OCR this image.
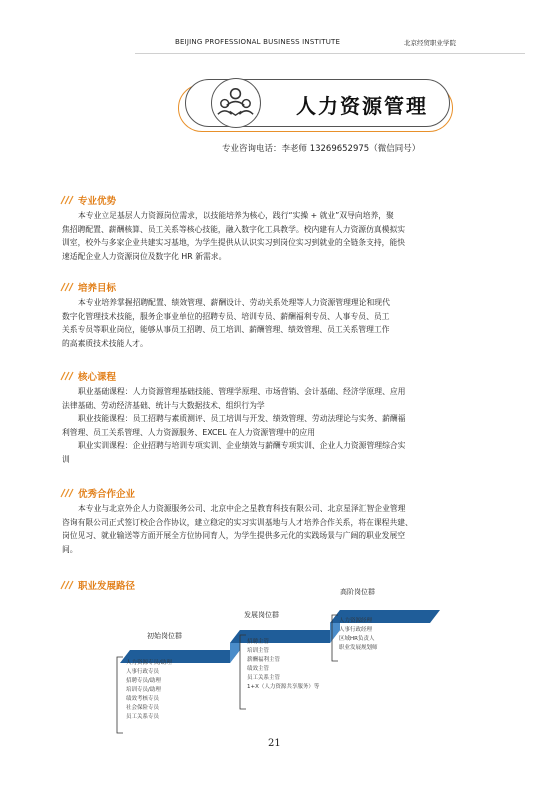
BEIJING PROFESSIONAL BUSINESS INSTITUTE	北京经贸职业学院
人力资源管理
专业咨询电话：李老师 13269652975（微信同号）
专业优势
本专业立足基层人力资源岗位需求，以技能培养为核心，践行“实操 + 就业”双导向培养，聚
焦招聘配置、薪酬核算、员工关系等核心技能，融入数字化工具教学。校内建有人力资源仿真模拟实
训室，校外与多家企业共建实习基地，为学生提供从认识实习到岗位实习到就业的全链条支持，能快
速适配企业人力资源岗位及数字化 HR 新需求。
培养目标
本专业培养掌握招聘配置、绩效管理、薪酬设计、劳动关系处理等人力资源管理理论和现代
数字化管理技术技能，服务企事业单位的招聘专员、培训专员、薪酬福利专员、人事专员、员工
关系专员等职业岗位，能够从事员工招聘、员工培训、薪酬管理、绩效管理、员工关系管理工作
的高素质技术技能人才。
核心课程
职业基础课程：人力资源管理基础技能、管理学原理、市场营销、会计基础、经济学原理、应用
法律基础、劳动经济基础、统计与大数据技术、组织行为学
职业技能课程：员工招聘与素质测评、员工培训与开发、绩效管理、劳动法理论与实务、薪酬福
利管理、员工关系管理、人力资源服务、EXCEL 在人力资源管理中的应用
职业实训课程：企业招聘与培训专项实训、企业绩效与薪酬专项实训、企业人力资源管理综合实
训
优秀合作企业
本专业与北京外企人力资源服务公司、北京中企之星教育科技有限公司、北京星泽汇智企业管理
咨询有限公司正式签订校企合作协议，建立稳定的实习实训基地与人才培养合作关系，将在课程共建、
岗位见习、就业输送等方面开展全方位协同育人，为学生提供多元化的实践场景与广阔的职业发展空
间。
职业发展路径
初始岗位群
发展岗位群
高阶岗位群
人力资源专员/助理
人事行政专员
招聘专员/助理
培训专员/助理
绩效考核专员
社会保险专员
员工关系专员
招聘主管
培训主管
薪酬福利主管
绩效主管
员工关系主管
1+X（人力资源共享服务）等
人力资源经理
人事行政经理
区域HR负责人
职业发展规划师
21
